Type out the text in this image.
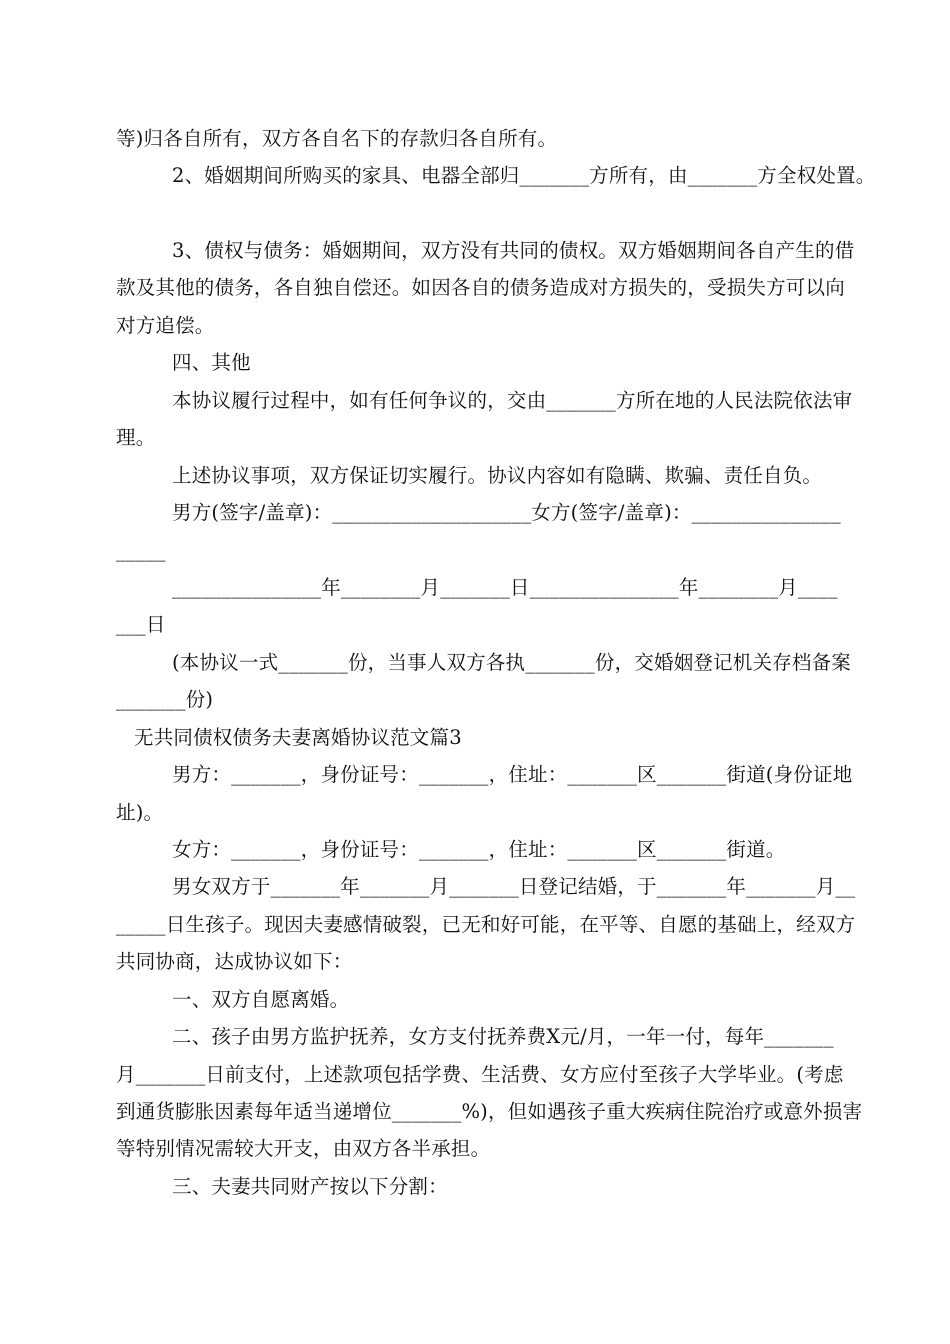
等)归各自所有，双方各自名下的存款归各自所有。
2、婚姻期间所购买的家具、电器全部归_______方所有，由_______方全权处置。
3、债权与债务：婚姻期间，双方没有共同的债权。双方婚姻期间各自产生的借
款及其他的债务，各自独自偿还。如因各自的债务造成对方损失的，受损失方可以向
对方追偿。
四、其他
本协议履行过程中，如有任何争议的，交由_______方所在地的人民法院依法审
理。
上述协议事项，双方保证切实履行。协议内容如有隐瞒、欺骗、责任自负。
男方(签字/盖章)：____________________女方(签字/盖章)：_______________
_____
_______________年________月_______日_______________年________月____
___日
(本协议一式_______份，当事人双方各执_______份，交婚姻登记机关存档备案
_______份)
无共同债权债务夫妻离婚协议范文篇3
男方：_______，身份证号：_______，住址：_______区_______街道(身份证地
址)。
女方：_______，身份证号：_______，住址：_______区_______街道。
男女双方于_______年_______月_______日登记结婚，于_______年_______月__
_____日生孩子。现因夫妻感情破裂，已无和好可能，在平等、自愿的基础上，经双方
共同协商，达成协议如下：
一、双方自愿离婚。
二、孩子由男方监护抚养，女方支付抚养费X元/月，一年一付，每年_______
月_______日前支付，上述款项包括学费、生活费、女方应付至孩子大学毕业。(考虑
到通货膨胀因素每年适当递增位_______%)，但如遇孩子重大疾病住院治疗或意外损害
等特别情况需较大开支，由双方各半承担。
三、夫妻共同财产按以下分割：
